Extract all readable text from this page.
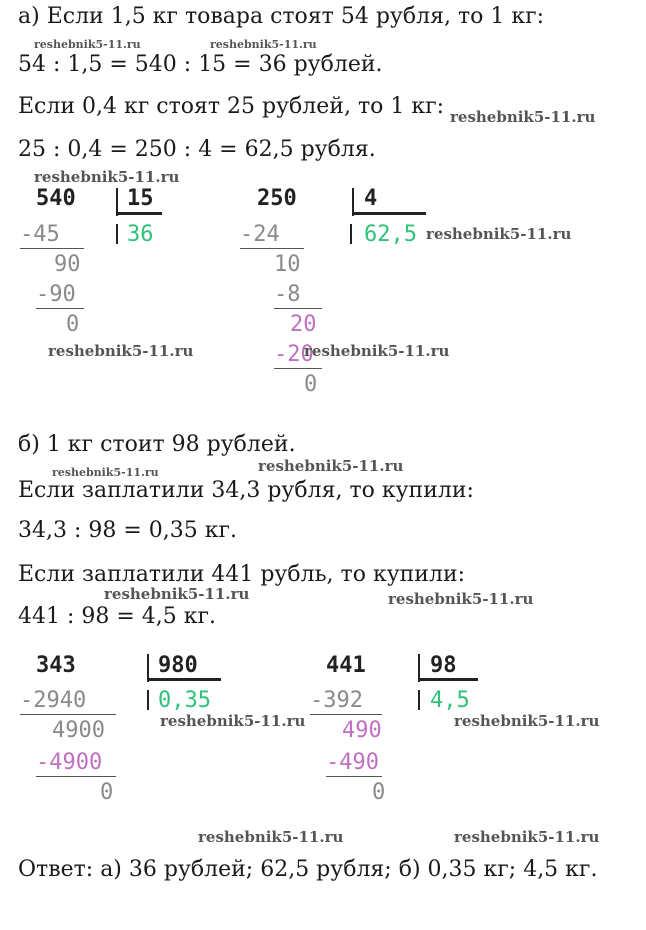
а) Если 1,5 кг товара стоят 54 рубля, то 1 кг:
54 : 1,5 = 540 : 15 = 36 рублей.
Если 0,4 кг стоят 25 рублей, то 1 кг:
25 : 0,4 = 250 : 4 = 62,5 рубля.
540 15
-45	36
90
-90
0
250	4
-24	62,5
10
-8
20
-20
0
б) 1 кг стоит 98 рублей.
Если заплатили 34,3 рубля, то купили:
34,3 : 98 = 0,35 кг.
Если заплатили 441 рубль, то купили:
441 : 98 = 4,5 кг.
343	980
-2940	0,35
4900
-4900
0
441	98
-392	4,5
490
-490
0
Ответ: а) 36 рублей; 62,5 рубля; б) 0,35 кг; 4,5 кг.
reshebnik5-11.ru	reshebnik5-11.ru
reshebnik5-11.ru
reshebnik5-11.ru
reshebnik5-11.ru
reshebnik5-11.ru	reshebnik5-11.ru
reshebnik5-11.ru	reshebnik5-11.ru
reshebnik5-11.ru	reshebnik5-11.ru
reshebnik5-11.ru	reshebnik5-11.ru
reshebnik5-11.ru	reshebnik5-11.ru
